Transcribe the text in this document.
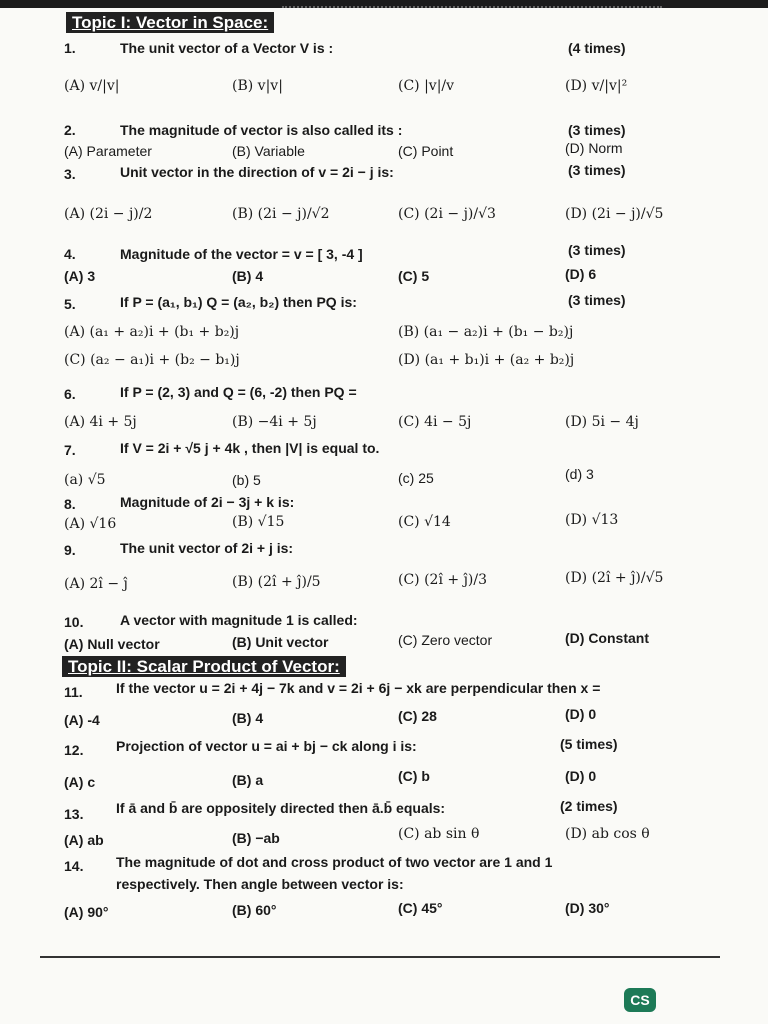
Topic I: Vector in Space:
1.	The unit vector of a Vector V is :	(4 times)
(A) v/|v|	(B) v|v|	(C) |v|/v	(D) v/|v|²
2.	The magnitude of vector is also called its :	(3 times)
(A) Parameter	(B) Variable	(C) Point	(D) Norm
3.	Unit vector in the direction of v = 2i − j is:	(3 times)
(A) (2i − j)/2	(B) (2i − j)/√2	(C) (2i − j)/√3	(D) (2i − j)/√5
4.	Magnitude of the vector = v = [ 3, -4 ]	(3 times)
(A) 3	(B) 4	(C) 5	(D) 6
5.	If P = (a₁, b₁) Q = (a₂, b₂) then PQ is:	(3 times)
(A) (a₁ + a₂)i + (b₁ + b₂)j	(B) (a₁ − a₂)i + (b₁ − b₂)j
(C) (a₂ − a₁)i + (b₂ − b₁)j	(D) (a₁ + b₁)i + (a₂ + b₂)j
6.	If P = (2, 3) and Q = (6, -2) then PQ =
(A) 4i + 5j	(B) −4i + 5j	(C) 4i − 5j	(D) 5i − 4j
7.	If V = 2i + √5 j + 4k , then |V| is equal to.
(a) √5	(b) 5	(c) 25	(d) 3
8.	Magnitude of 2i − 3j + k is:
(A) √16	(B) √15	(C) √14	(D) √13
9.	The unit vector of 2i + j is:
(A) 2î − ĵ	(B) (2î + ĵ)/5	(C) (2î + ĵ)/3	(D) (2î + ĵ)/√5
10.	A vector with magnitude 1 is called:
(A) Null vector	(B) Unit vector	(C) Zero vector	(D) Constant
Topic II: Scalar Product of Vector:
11. If the vector u = 2i + 4j − 7k and v = 2i + 6j − xk are perpendicular then x =
(A) -4	(B) 4	(C) 28	(D) 0
12. Projection of vector u = ai + bj − ck along i is:	(5 times)
(A) c	(B) a	(C) b	(D) 0
13. If ā and b̄ are oppositely directed then ā.b̄ equals:	(2 times)
(A) ab	(B) −ab	(C) ab sin θ	(D) ab cos θ
14. The magnitude of dot and cross product of two vector are 1 and 1
respectively. Then angle between vector is:
(A) 90°	(B) 60°	(C) 45°	(D) 30°
CS
